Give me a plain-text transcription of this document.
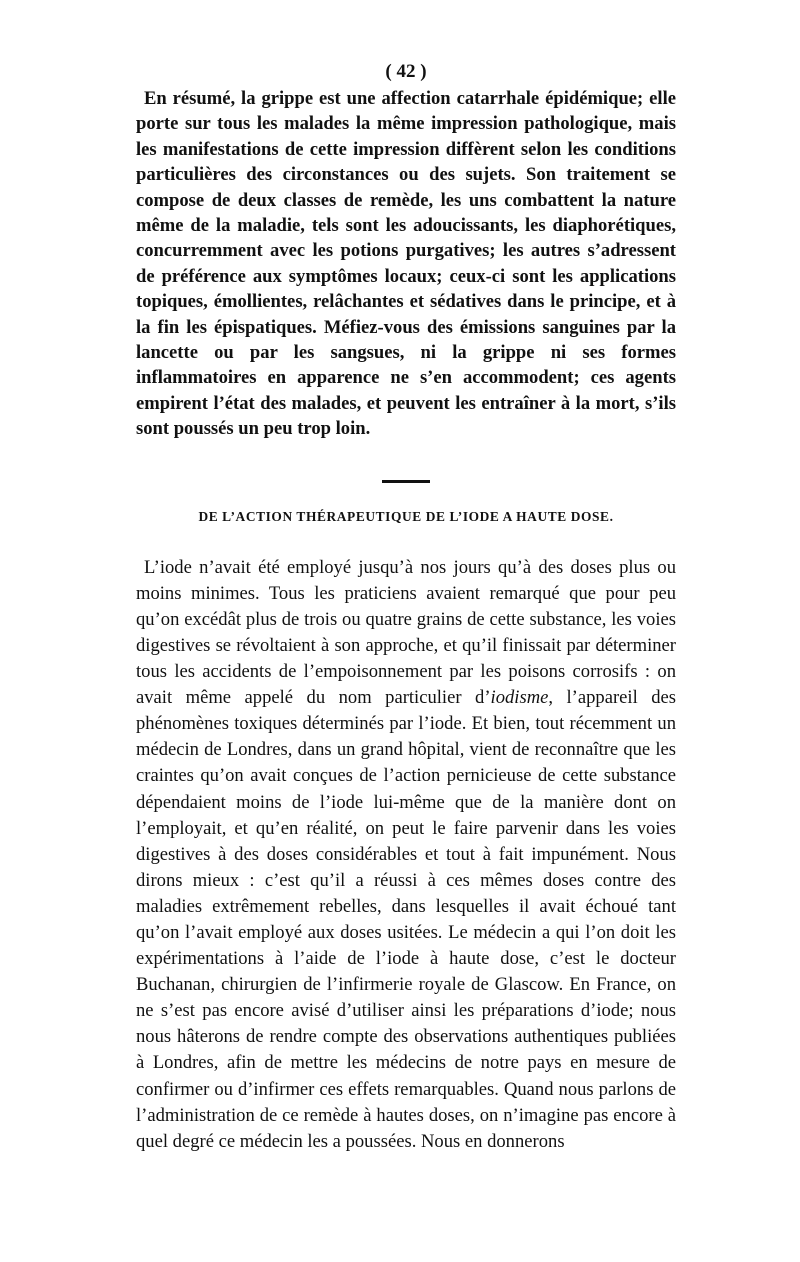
( 42 )

En résumé, la grippe est une affection catarrhale épidémique; elle porte sur tous les malades la même impression pathologique, mais les manifestations de cette impression diffèrent selon les conditions particulières des circonstances ou des sujets. Son traitement se compose de deux classes de remède, les uns combattent la nature même de la maladie, tels sont les adoucissants, les diaphorétiques, concurremment avec les potions purgatives; les autres s’adressent de préférence aux symptômes locaux; ceux-ci sont les applications topiques, émollientes, relâchantes et sédatives dans le principe, et à la fin les épispatiques. Méfiez-vous des émissions sanguines par la lancette ou par les sangsues, ni la grippe ni ses formes inflammatoires en apparence ne s’en accommodent; ces agents empirent l’état des malades, et peuvent les entraîner à la mort, s’ils sont poussés un peu trop loin.

DE L’ACTION THÉRAPEUTIQUE DE L’IODE A HAUTE DOSE.

L’iode n’avait été employé jusqu’à nos jours qu’à des doses plus ou moins minimes. Tous les praticiens avaient remarqué que pour peu qu’on excédât plus de trois ou quatre grains de cette substance, les voies digestives se révoltaient à son approche, et qu’il finissait par déterminer tous les accidents de l’empoisonnement par les poisons corrosifs : on avait même appelé du nom particulier d’iodisme, l’appareil des phénomènes toxiques déterminés par l’iode. Et bien, tout récemment un médecin de Londres, dans un grand hôpital, vient de reconnaître que les craintes qu’on avait conçues de l’action pernicieuse de cette substance dépendaient moins de l’iode lui-même que de la manière dont on l’employait, et qu’en réalité, on peut le faire parvenir dans les voies digestives à des doses considérables et tout à fait impunément. Nous dirons mieux : c’est qu’il a réussi à ces mêmes doses contre des maladies extrêmement rebelles, dans lesquelles il avait échoué tant qu’on l’avait employé aux doses usitées. Le médecin a qui l’on doit les expérimentations à l’aide de l’iode à haute dose, c’est le docteur Buchanan, chirurgien de l’infirmerie royale de Glascow. En France, on ne s’est pas encore avisé d’utiliser ainsi les préparations d’iode; nous nous hâterons de rendre compte des observations authentiques publiées à Londres, afin de mettre les médecins de notre pays en mesure de confirmer ou d’infirmer ces effets remarquables. Quand nous parlons de l’administration de ce remède à hautes doses, on n’imagine pas encore à quel degré ce médecin les a poussées. Nous en donnerons
